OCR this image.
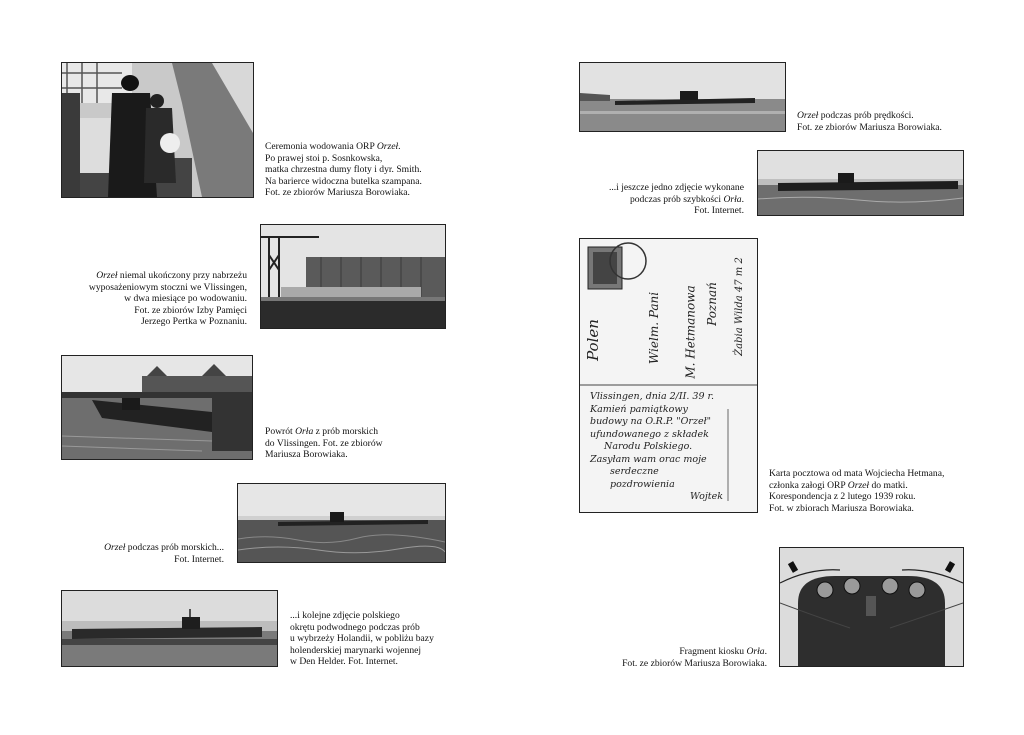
Ceremonia wodowania ORP Orzeł.
Po prawej stoi p. Sosnkowska,
matka chrzestna dumy floty i dyr. Smith.
Na barierce widoczna butelka szampana.
Fot. ze zbiorów Mariusza Borowiaka.
Orzeł niemal ukończony przy nabrzeżu
wyposażeniowym stoczni we Vlissingen,
w dwa miesiące po wodowaniu.
Fot. ze zbiorów Izby Pamięci
Jerzego Pertka w Poznaniu.
Powrót Orła z prób morskich
do Vlissingen. Fot. ze zbiorów
Mariusza Borowiaka.
Orzeł podczas prób morskich...
Fot. Internet.
...i kolejne zdjęcie polskiego
okrętu podwodnego podczas prób
u wybrzeży Holandii, w pobliżu bazy
holenderskiej marynarki wojennej
w Den Helder. Fot. Internet.
Orzeł podczas prób prędkości.
Fot. ze zbiorów Mariusza Borowiaka.
...i jeszcze jedno zdjęcie wykonane
podczas prób szybkości Orła.
Fot. Internet.
Polen	Wielm. Pani M. Hetmanowa Poznań Żabia Wilda 47 m 2
Vlissingen, dnia 2/II. 39 r.
Kamień pamiątkowy
budowy na O.R.P. "Orzeł"
ufundowanego z składek
Narodu Polskiego.
Zasyłam wam orac moje
serdeczne
pozdrowienia
Wojtek
Karta pocztowa od mata Wojciecha Hetmana,
członka załogi ORP Orzeł do matki.
Korespondencja z 2 lutego 1939 roku.
Fot. w zbiorach Mariusza Borowiaka.
Fragment kiosku Orła.
Fot. ze zbiorów Mariusza Borowiaka.
